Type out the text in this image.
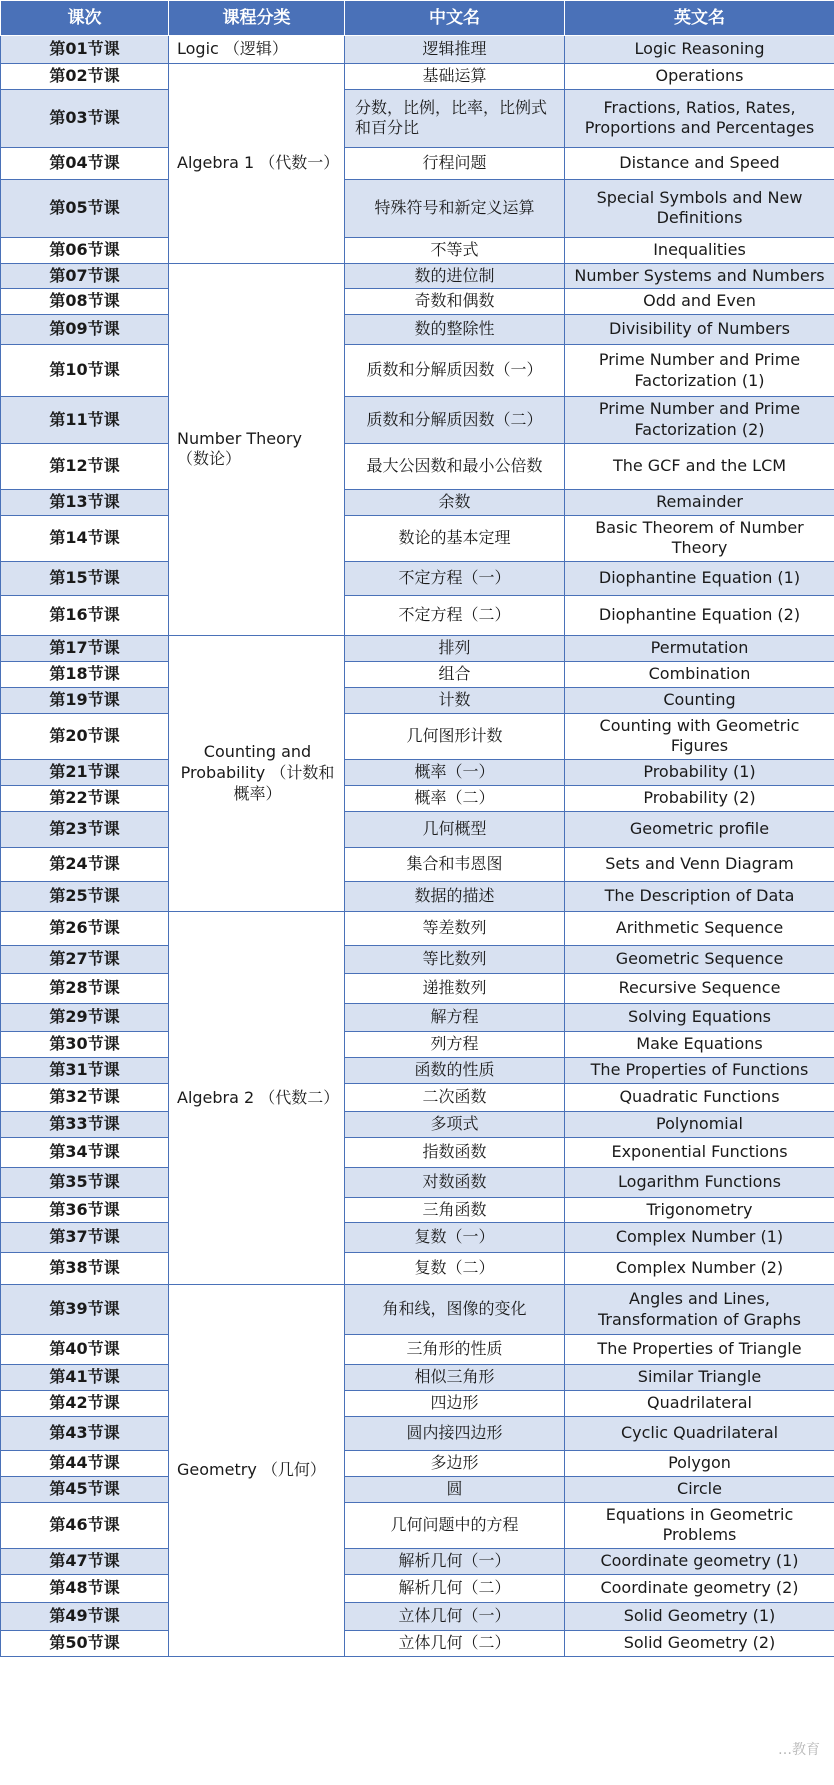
课次	课程分类	中文名	英文名
第01节课	Logic （逻辑）	逻辑推理	Logic Reasoning
第02节课	Algebra 1 （代数一）	基础运算	Operations
第03节课		分数，比例，比率，比例式和百分比	Fractions, Ratios, Rates, Proportions and Percentages
第04节课		行程问题	Distance and Speed
第05节课		特殊符号和新定义运算	Special Symbols and New Definitions
第06节课		不等式	Inequalities
第07节课	Number Theory （数论）	数的进位制	Number Systems and Numbers
第08节课		奇数和偶数	Odd and Even
第09节课		数的整除性	Divisibility of Numbers
第10节课		质数和分解质因数（一）	Prime Number and Prime Factorization (1)
第11节课		质数和分解质因数（二）	Prime Number and Prime Factorization (2)
第12节课		最大公因数和最小公倍数	The GCF and the LCM
第13节课		余数	Remainder
第14节课		数论的基本定理	Basic Theorem of Number Theory
第15节课		不定方程（一）	Diophantine Equation (1)
第16节课		不定方程（二）	Diophantine Equation (2)
第17节课	Counting and Probability （计数和概率）	排列	Permutation
第18节课		组合	Combination
第19节课		计数	Counting
第20节课		几何图形计数	Counting with Geometric Figures
第21节课		概率（一）	Probability (1)
第22节课		概率（二）	Probability (2)
第23节课		几何概型	Geometric profile
第24节课		集合和韦恩图	Sets and Venn Diagram
第25节课		数据的描述	The Description of Data
第26节课	Algebra 2 （代数二）	等差数列	Arithmetic Sequence
第27节课		等比数列	Geometric Sequence
第28节课		递推数列	Recursive Sequence
第29节课		解方程	Solving Equations
第30节课		列方程	Make Equations
第31节课		函数的性质	The Properties of Functions
第32节课		二次函数	Quadratic Functions
第33节课		多项式	Polynomial
第34节课		指数函数	Exponential Functions
第35节课		对数函数	Logarithm Functions
第36节课		三角函数	Trigonometry
第37节课		复数（一）	Complex Number (1)
第38节课		复数（二）	Complex Number (2)
第39节课	Geometry （几何）	角和线，图像的变化	Angles and Lines, Transformation of Graphs
第40节课		三角形的性质	The Properties of Triangle
第41节课		相似三角形	Similar Triangle
第42节课		四边形	Quadrilateral
第43节课		圆内接四边形	Cyclic Quadrilateral
第44节课		多边形	Polygon
第45节课		圆	Circle
第46节课		几何问题中的方程	Equations in Geometric Problems
第47节课		解析几何（一）	Coordinate geometry (1)
第48节课		解析几何（二）	Coordinate geometry (2)
第49节课		立体几何（一）	Solid Geometry (1)
第50节课		立体几何（二）	Solid Geometry (2)
…教育
